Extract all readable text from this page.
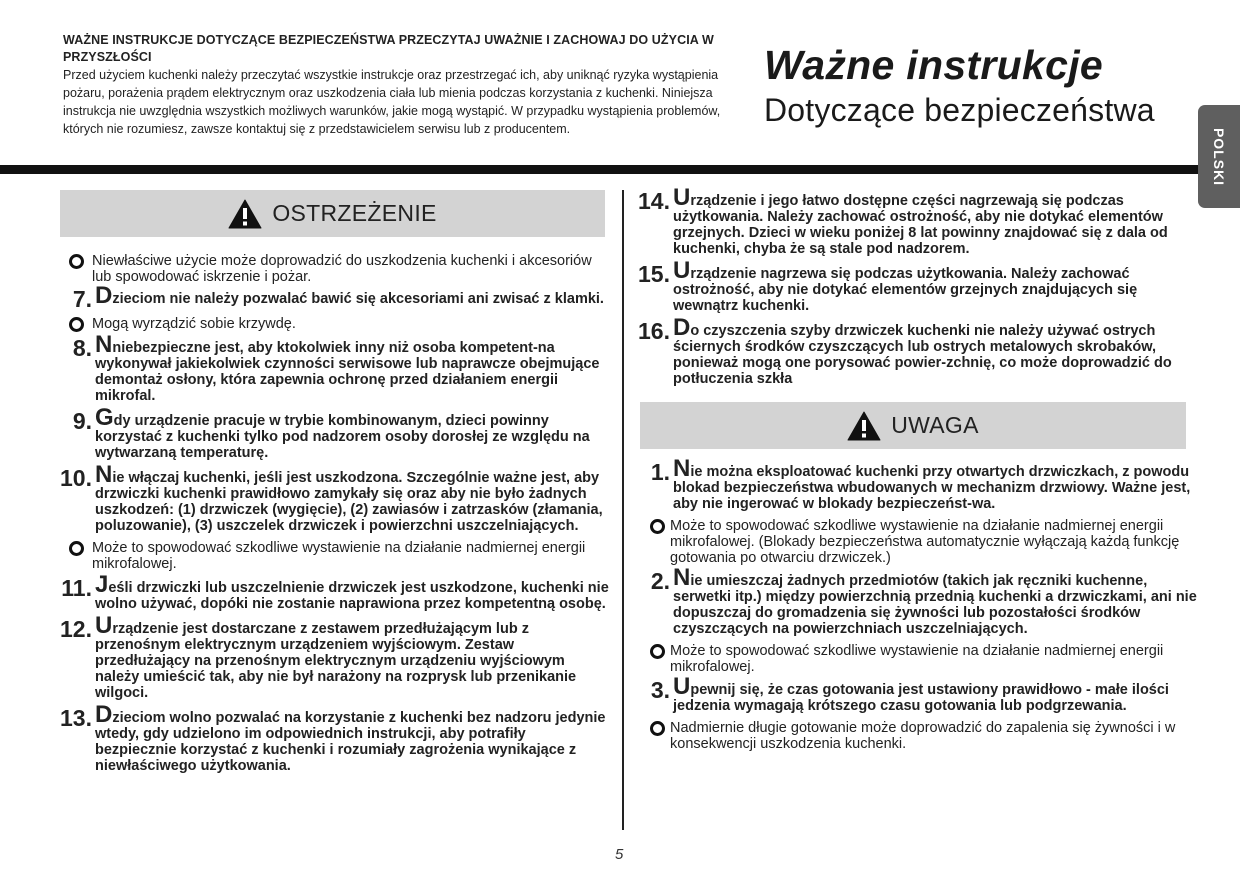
WAŻNE INSTRUKCJE DOTYCZĄCE BEZPIECZEŃSTWA PRZECZYTAJ UWAŻNIE I ZACHOWAJ DO UŻYCIA W PRZYSZŁOŚCI
Przed użyciem kuchenki należy przeczytać wszystkie instrukcje oraz przestrzegać ich, aby uniknąć ryzyka wystąpienia pożaru, porażenia prądem elektrycznym oraz uszkodzenia ciała lub mienia podczas korzystania z kuchenki. Niniejsza instrukcja nie uwzględnia wszystkich możliwych warunków, jakie mogą wystąpić. W przypadku wystąpienia problemów, których nie rozumiesz, zawsze kontaktuj się z przedstawicielem serwisu lub z producentem.
Ważne instrukcje
Dotyczące bezpieczeństwa
POLSKI
OSTRZEŻENIE
Niewłaściwe użycie może doprowadzić do uszkodzenia kuchenki i akcesoriów lub spowodować iskrzenie i pożar.
7. Dzieciom nie należy pozwalać bawić się akcesoriami ani zwisać z klamki.
Mogą wyrządzić sobie krzywdę.
8. Nniebezpieczne jest, aby ktokolwiek inny niż osoba kompetent-na wykonywał jakiekolwiek czynności serwisowe lub naprawcze obejmujące demontaż osłony, która zapewnia ochronę przed działaniem energii mikrofal.
9. Gdy urządzenie pracuje w trybie kombinowanym, dzieci powinny korzystać z kuchenki tylko pod nadzorem osoby dorosłej ze względu na wytwarzaną temperaturę.
10. Nie włączaj kuchenki, jeśli jest uszkodzona. Szczególnie ważne jest, aby drzwiczki kuchenki prawidłowo zamykały się oraz aby nie było żadnych uszkodzeń: (1) drzwiczek (wygięcie), (2) zawiasów i zatrzasków (złamania, poluzowanie), (3) uszczelek drzwiczek i powierzchni uszczelniających.
Może to spowodować szkodliwe wystawienie na działanie nadmiernej energii mikrofalowej.
11. Jeśli drzwiczki lub uszczelnienie drzwiczek jest uszkodzone, kuchenki nie wolno używać, dopóki nie zostanie naprawiona przez kompetentną osobę.
12. Urządzenie jest dostarczane z zestawem przedłużającym lub z przenośnym elektrycznym urządzeniem wyjściowym. Zestaw przedłużający na przenośnym elektrycznym urządzeniu wyjściowym należy umieścić tak, aby nie był narażony na rozprysk lub przenikanie wilgoci.
13. Dzieciom wolno pozwalać na korzystanie z kuchenki bez nadzoru jedynie wtedy, gdy udzielono im odpowiednich instrukcji, aby potrafiły bezpiecznie korzystać z kuchenki i rozumiały zagrożenia wynikające z niewłaściwego użytkowania.
14. Urządzenie i jego łatwo dostępne części nagrzewają się podczas użytkowania. Należy zachować ostrożność, aby nie dotykać elementów grzejnych. Dzieci w wieku poniżej 8 lat powinny znajdować się z dala od kuchenki, chyba że są stale pod nadzorem.
15. Urządzenie nagrzewa się podczas użytkowania. Należy zachować ostrożność, aby nie dotykać elementów grzejnych znajdujących się wewnątrz kuchenki.
16. Do czyszczenia szyby drzwiczek kuchenki nie należy używać ostrych ściernych środków czyszczących lub ostrych metalowych skrobaków, ponieważ mogą one porysować powier-zchnię, co może doprowadzić do potłuczenia szkła
UWAGA
1. Nie można eksploatować kuchenki przy otwartych drzwiczkach, z powodu blokad bezpieczeństwa wbudowanych w mechanizm drzwiowy. Ważne jest, aby nie ingerować w blokady bezpieczeńst-wa.
Może to spowodować szkodliwe wystawienie na działanie nadmiernej energii mikrofalowej. (Blokady bezpieczeństwa automatycznie wyłączają każdą funkcję gotowania po otwarciu drzwiczek.)
2. Nie umieszczaj żadnych przedmiotów (takich jak ręczniki kuchenne, serwetki itp.) między powierzchnią przednią kuchenki a drzwiczkami, ani nie dopuszczaj do gromadzenia się żywności lub pozostałości środków czyszczących na powierzchniach uszczelniających.
Może to spowodować szkodliwe wystawienie na działanie nadmiernej energii mikrofalowej.
3. Upewnij się, że czas gotowania jest ustawiony prawidłowo - małe ilości jedzenia wymagają krótszego czasu gotowania lub podgrzewania.
Nadmiernie długie gotowanie może doprowadzić do zapalenia się żywności i w konsekwencji uszkodzenia kuchenki.
5
